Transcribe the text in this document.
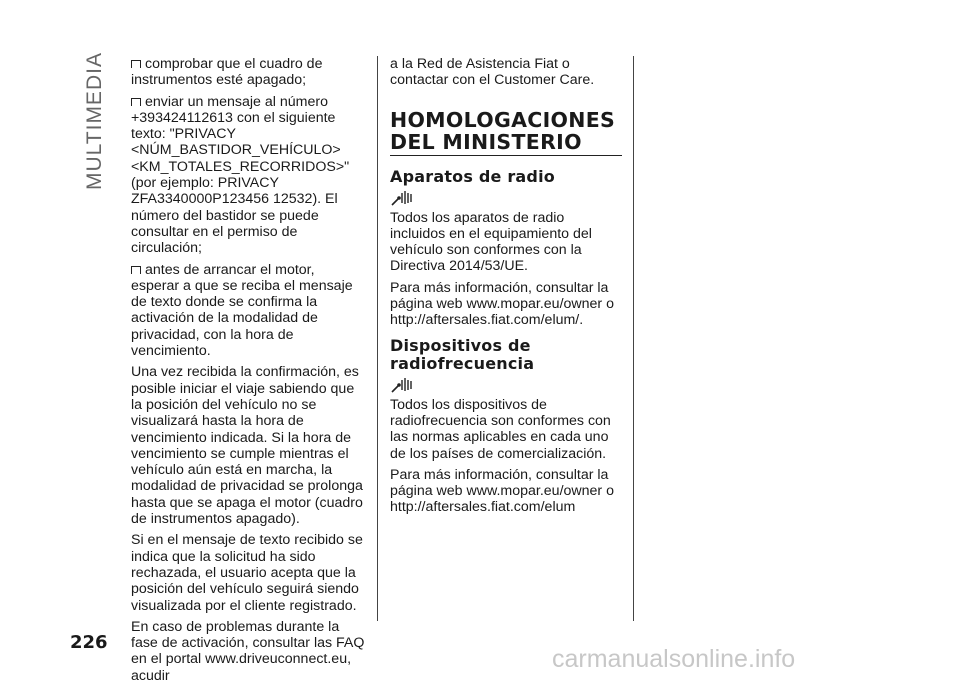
MULTIMEDIA	comprobar que el cuadro de instrumentos esté apagado;

enviar un mensaje al número +393424112613 con el siguiente texto: "PRIVACY <NÚM_BASTIDOR_VEHÍCULO> <KM_TOTALES_RECORRIDOS>" (por ejemplo: PRIVACY ZFA3340000P123456 12532). El número del bastidor se puede consultar en el permiso de circulación;

antes de arrancar el motor, esperar a que se reciba el mensaje de texto donde se confirma la activación de la modalidad de privacidad, con la hora de vencimiento.

Una vez recibida la confirmación, es posible iniciar el viaje sabiendo que la posición del vehículo no se visualizará hasta la hora de vencimiento indicada. Si la hora de vencimiento se cumple mientras el vehículo aún está en marcha, la modalidad de privacidad se prolonga hasta que se apaga el motor (cuadro de instrumentos apagado).

Si en el mensaje de texto recibido se indica que la solicitud ha sido rechazada, el usuario acepta que la posición del vehículo seguirá siendo visualizada por el cliente registrado.

En caso de problemas durante la fase de activación, consultar las FAQ en el portal www.driveuconnect.eu, acudir

a la Red de Asistencia Fiat o contactar con el Customer Care.

HOMOLOGACIONES DEL MINISTERIO
Aparatos de radio

Todos los aparatos de radio incluidos en el equipamiento del vehículo son conformes con la Directiva 2014/53/UE.

Para más información, consultar la página web www.mopar.eu/owner o http://aftersales.fiat.com/elum/.

Dispositivos de radiofrecuencia

Todos los dispositivos de radiofrecuencia son conformes con las normas aplicables en cada uno de los países de comercialización.

Para más información, consultar la página web www.mopar.eu/owner o http://aftersales.fiat.com/elum

226
carmanualsonline.info
